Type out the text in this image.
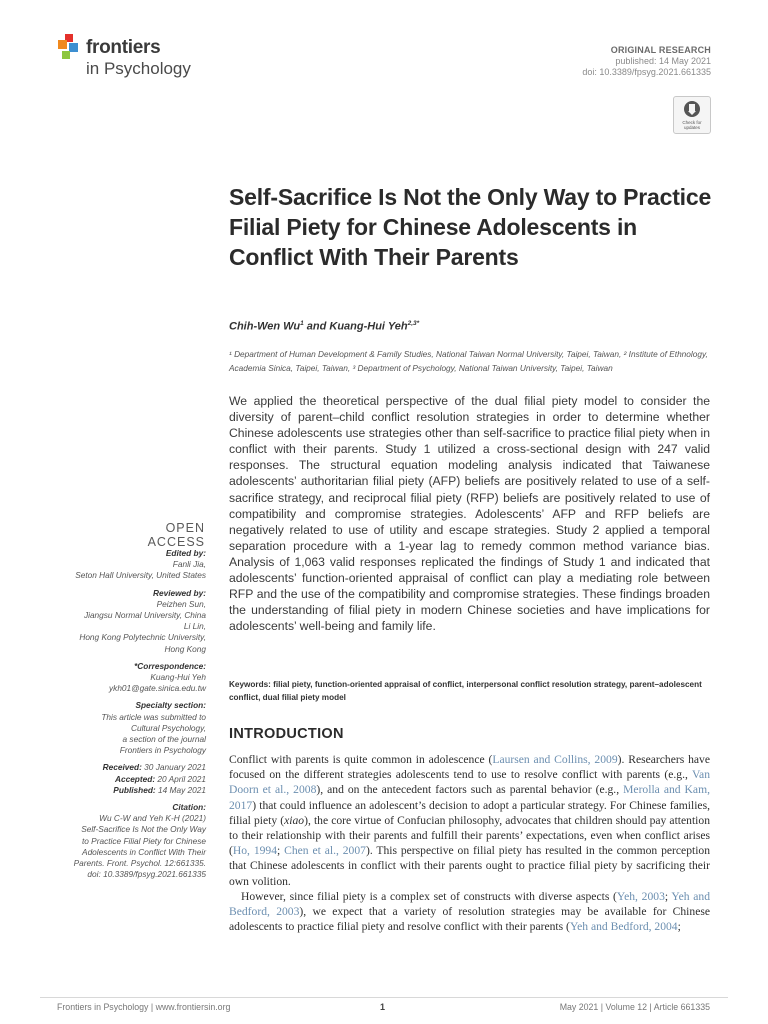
frontiers
in Psychology
ORIGINAL RESEARCH
published: 14 May 2021
doi: 10.3389/fpsyg.2021.661335
Check for updates
Self-Sacrifice Is Not the Only Way to Practice Filial Piety for Chinese Adolescents in Conflict With Their Parents
Chih-Wen Wu$^1$ and Kuang-Hui Yeh$^{2,3*}$
¹ Department of Human Development & Family Studies, National Taiwan Normal University, Taipei, Taiwan, ² Institute of Ethnology, Academia Sinica, Taipei, Taiwan, ³ Department of Psychology, National Taiwan University, Taipei, Taiwan

We applied the theoretical perspective of the dual filial piety model to consider the diversity of parent–child conflict resolution strategies in order to determine whether Chinese adolescents use strategies other than self-sacrifice to practice filial piety when in conflict with their parents. Study 1 utilized a cross-sectional design with 247 valid responses. The structural equation modeling analysis indicated that Taiwanese adolescents’ authoritarian filial piety (AFP) beliefs are positively related to use of a self-sacrifice strategy, and reciprocal filial piety (RFP) beliefs are positively related to use of compatibility and compromise strategies. Adolescents’ AFP and RFP beliefs are negatively related to use of utility and escape strategies. Study 2 applied a temporal separation procedure with a 1-year lag to remedy common method variance bias. Analysis of 1,063 valid responses replicated the findings of Study 1 and indicated that adolescents’ function-oriented appraisal of conflict can play a mediating role between RFP and the use of the compatibility and compromise strategies. These findings broaden the understanding of filial piety in modern Chinese societies and have implications for adolescents’ well-being and family life.

Keywords: filial piety, function-oriented appraisal of conflict, interpersonal conflict resolution strategy, parent–adolescent conflict, dual filial piety model
INTRODUCTION

Conflict with parents is quite common in adolescence (Laursen and Collins, 2009). Researchers have focused on the different strategies adolescents tend to use to resolve conflict with parents (e.g., Van Doorn et al., 2008), and on the antecedent factors such as parental behavior (e.g., Merolla and Kam, 2017) that could influence an adolescent’s decision to adopt a particular strategy. For Chinese families, filial piety (xiao), the core virtue of Confucian philosophy, advocates that children should pay attention to their relationship with their parents and fulfill their parents’ expectations, even when conflict arises (Ho, 1994; Chen et al., 2007). This perspective on filial piety has resulted in the common perception that Chinese adolescents in conflict with their parents ought to practice filial piety by sacrificing their own volition.

However, since filial piety is a complex set of constructs with diverse aspects (Yeh, 2003; Yeh and Bedford, 2003), we expect that a variety of resolution strategies may be available for Chinese adolescents to practice filial piety and resolve conflict with their parents (Yeh and Bedford, 2004;

OPEN ACCESS
Edited by:
Fanli Jia,
Seton Hall University, United States
Reviewed by:
Peizhen Sun,
Jiangsu Normal University, China
Li Lin,
Hong Kong Polytechnic University,
Hong Kong
*Correspondence:
Kuang-Hui Yeh
ykh01@gate.sinica.edu.tw
Specialty section:
This article was submitted to
Cultural Psychology,
a section of the journal
Frontiers in Psychology
Received: 30 January 2021
Accepted: 20 April 2021
Published: 14 May 2021
Citation:
Wu C-W and Yeh K-H (2021)
Self-Sacrifice Is Not the Only Way
to Practice Filial Piety for Chinese
Adolescents in Conflict With Their
Parents. Front. Psychol. 12:661335.
doi: 10.3389/fpsyg.2021.661335
Frontiers in Psychology | www.frontiersin.org	1	May 2021 | Volume 12 | Article 661335
